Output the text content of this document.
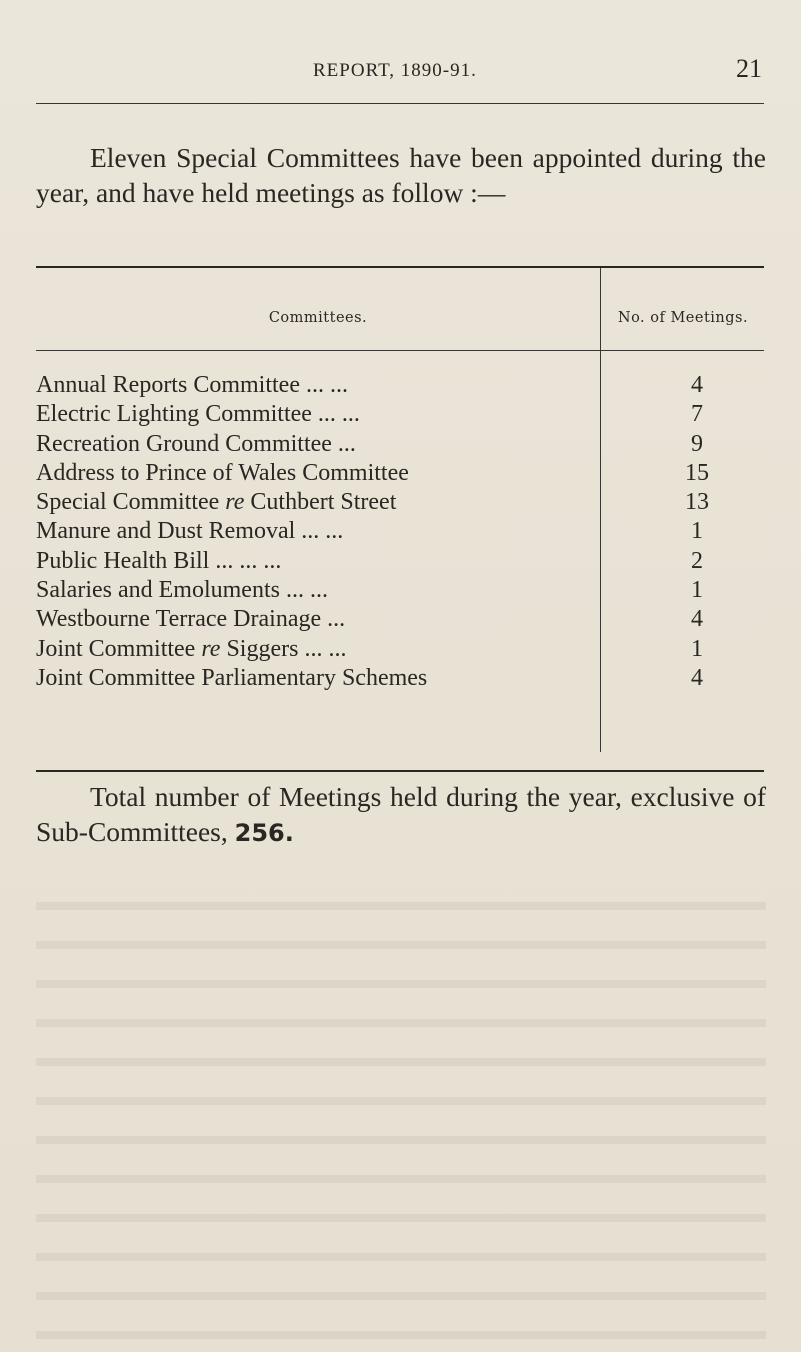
REPORT, 1890-91.	21

Eleven Special Committees have been appointed during the year, and have held meetings as follow :—

Committees.	No. of Meetings.
Annual Reports Committee ... ...	4
Electric Lighting Committee ... ...	7
Recreation Ground Committee ...	9
Address to Prince of Wales Committee	15
Special Committee re Cuthbert Street	13
Manure and Dust Removal ... ...	1
Public Health Bill ... ... ...	2
Salaries and Emoluments ... ...	1
Westbourne Terrace Drainage ...	4
Joint Committee re Siggers ... ...	1
Joint Committee Parliamentary Schemes	4

Total number of Meetings held during the year, exclusive of Sub-Committees, 256.
